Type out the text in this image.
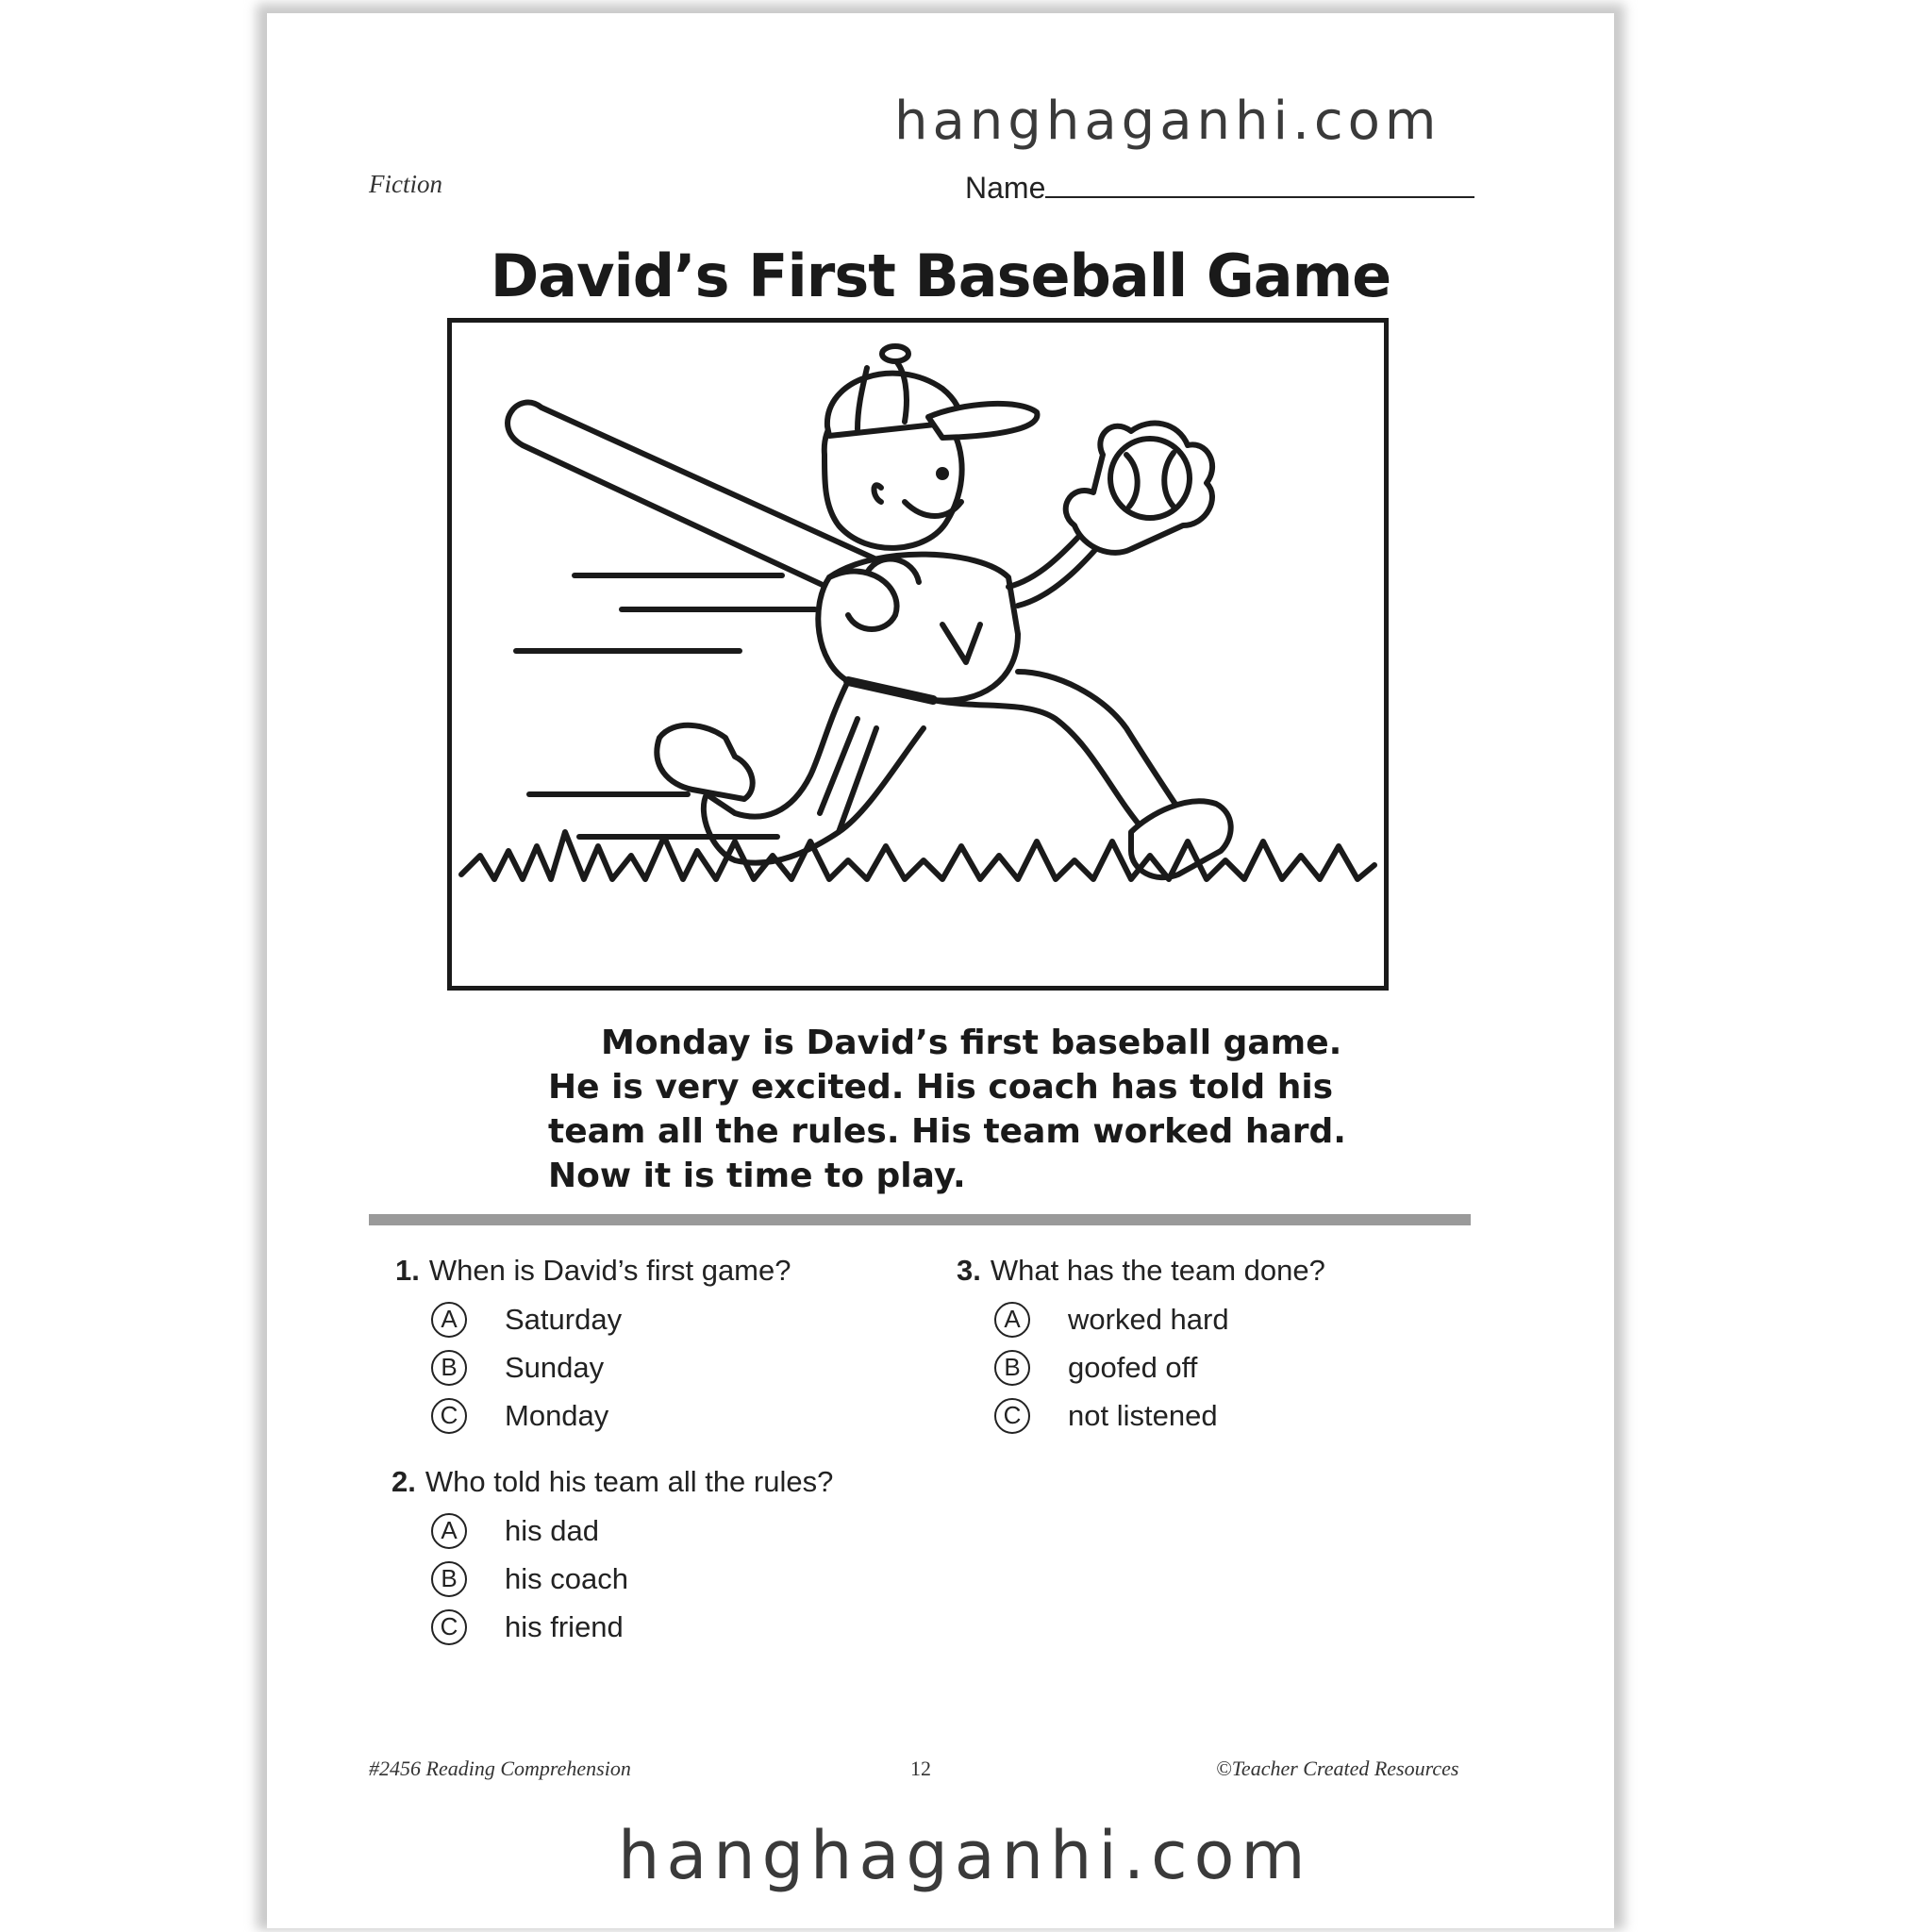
hanghaganhi.com
Fiction	Name
David’s First Baseball Game

Monday is David’s first baseball game.

He is very excited. His coach has told his

team all the rules. His team worked hard.

Now it is time to play.

1. When is David’s first game?
A	Saturday
B	Sunday
C	Monday
2. Who told his team all the rules?
A	his dad
B	his coach
C	his friend
3. What has the team done?
A	worked hard
B	goofed off
C	not listened
#2456 Reading Comprehension	12	©Teacher Created Resources
hanghaganhi.com
